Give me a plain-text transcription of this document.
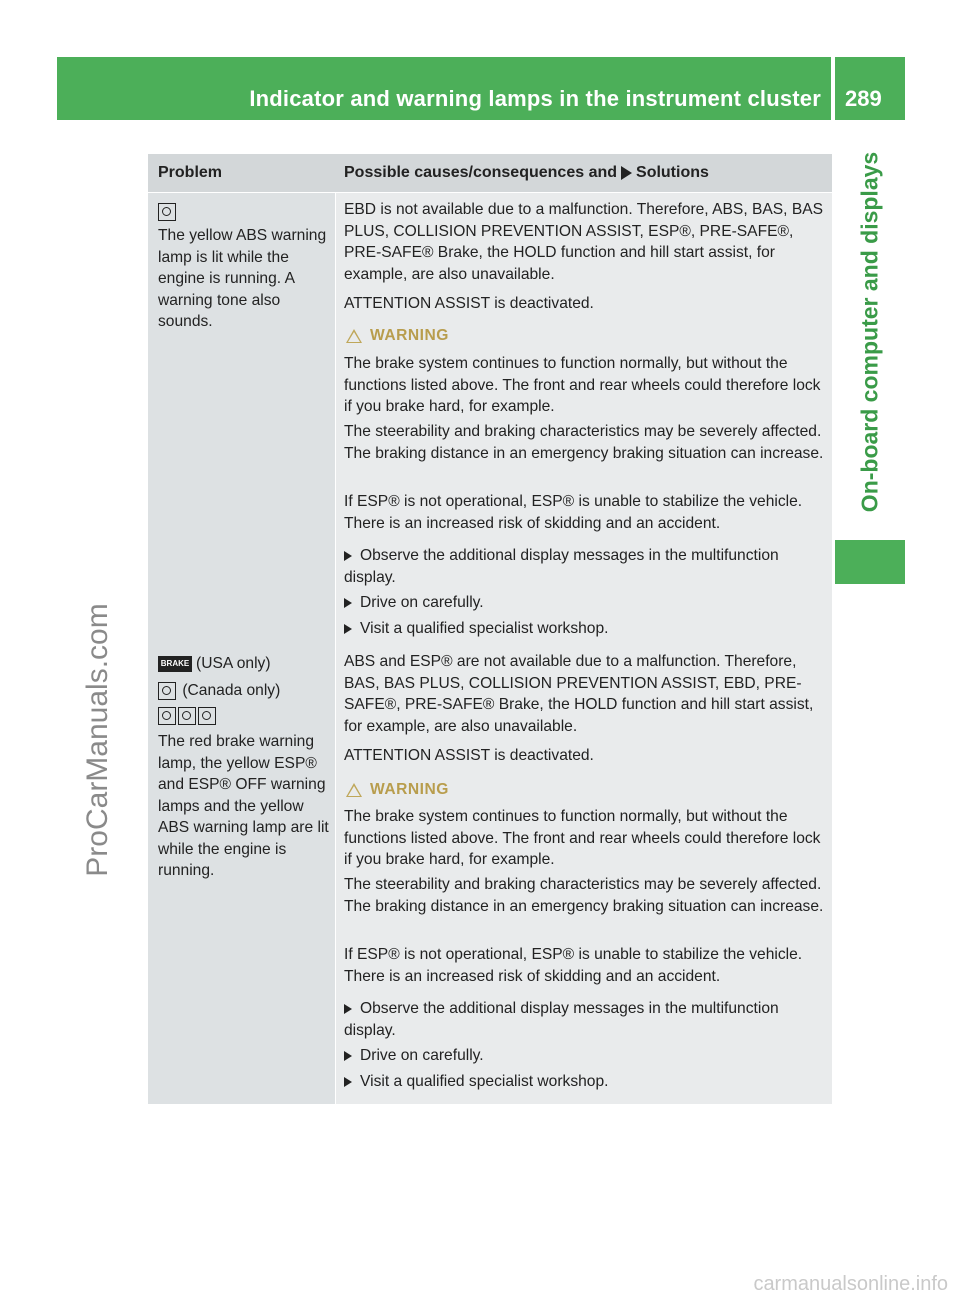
Indicator and warning lamps in the instrument cluster 289
On-board computer and displays
ProCarManuals.com
carmanualsonline.info
Problem	Possible causes/consequences and Solutions

The yellow ABS warning lamp is lit while the engine is running. A warning tone also sounds.

EBD is not available due to a malfunction. Therefore, ABS, BAS, BAS PLUS, COLLISION PREVENTION ASSIST, ESP®, PRE-SAFE®, PRE-SAFE® Brake, the HOLD function and hill start assist, for example, are also unavailable.

ATTENTION ASSIST is deactivated.

WARNING

The brake system continues to function normally, but without the functions listed above. The front and rear wheels could therefore lock if you brake hard, for example.

The steerability and braking characteristics may be severely affected. The braking distance in an emergency braking situation can increase.

If ESP® is not operational, ESP® is unable to stabilize the vehicle. There is an increased risk of skidding and an accident.

Observe the additional display messages in the multifunction display.
Drive on carefully.
Visit a qualified specialist workshop.
BRAKE (USA only)
(Canada only)

The red brake warning lamp, the yellow ESP® and ESP® OFF warning lamps and the yellow ABS warning lamp are lit while the engine is running.

ABS and ESP® are not available due to a malfunction. Therefore, BAS, BAS PLUS, COLLISION PREVENTION ASSIST, EBD, PRE-SAFE®, PRE-SAFE® Brake, the HOLD function and hill start assist, for example, are also unavailable.

ATTENTION ASSIST is deactivated.

WARNING

The brake system continues to function normally, but without the functions listed above. The front and rear wheels could therefore lock if you brake hard, for example.

The steerability and braking characteristics may be severely affected. The braking distance in an emergency braking situation can increase.

If ESP® is not operational, ESP® is unable to stabilize the vehicle. There is an increased risk of skidding and an accident.

Observe the additional display messages in the multifunction display.
Drive on carefully.
Visit a qualified specialist workshop.
